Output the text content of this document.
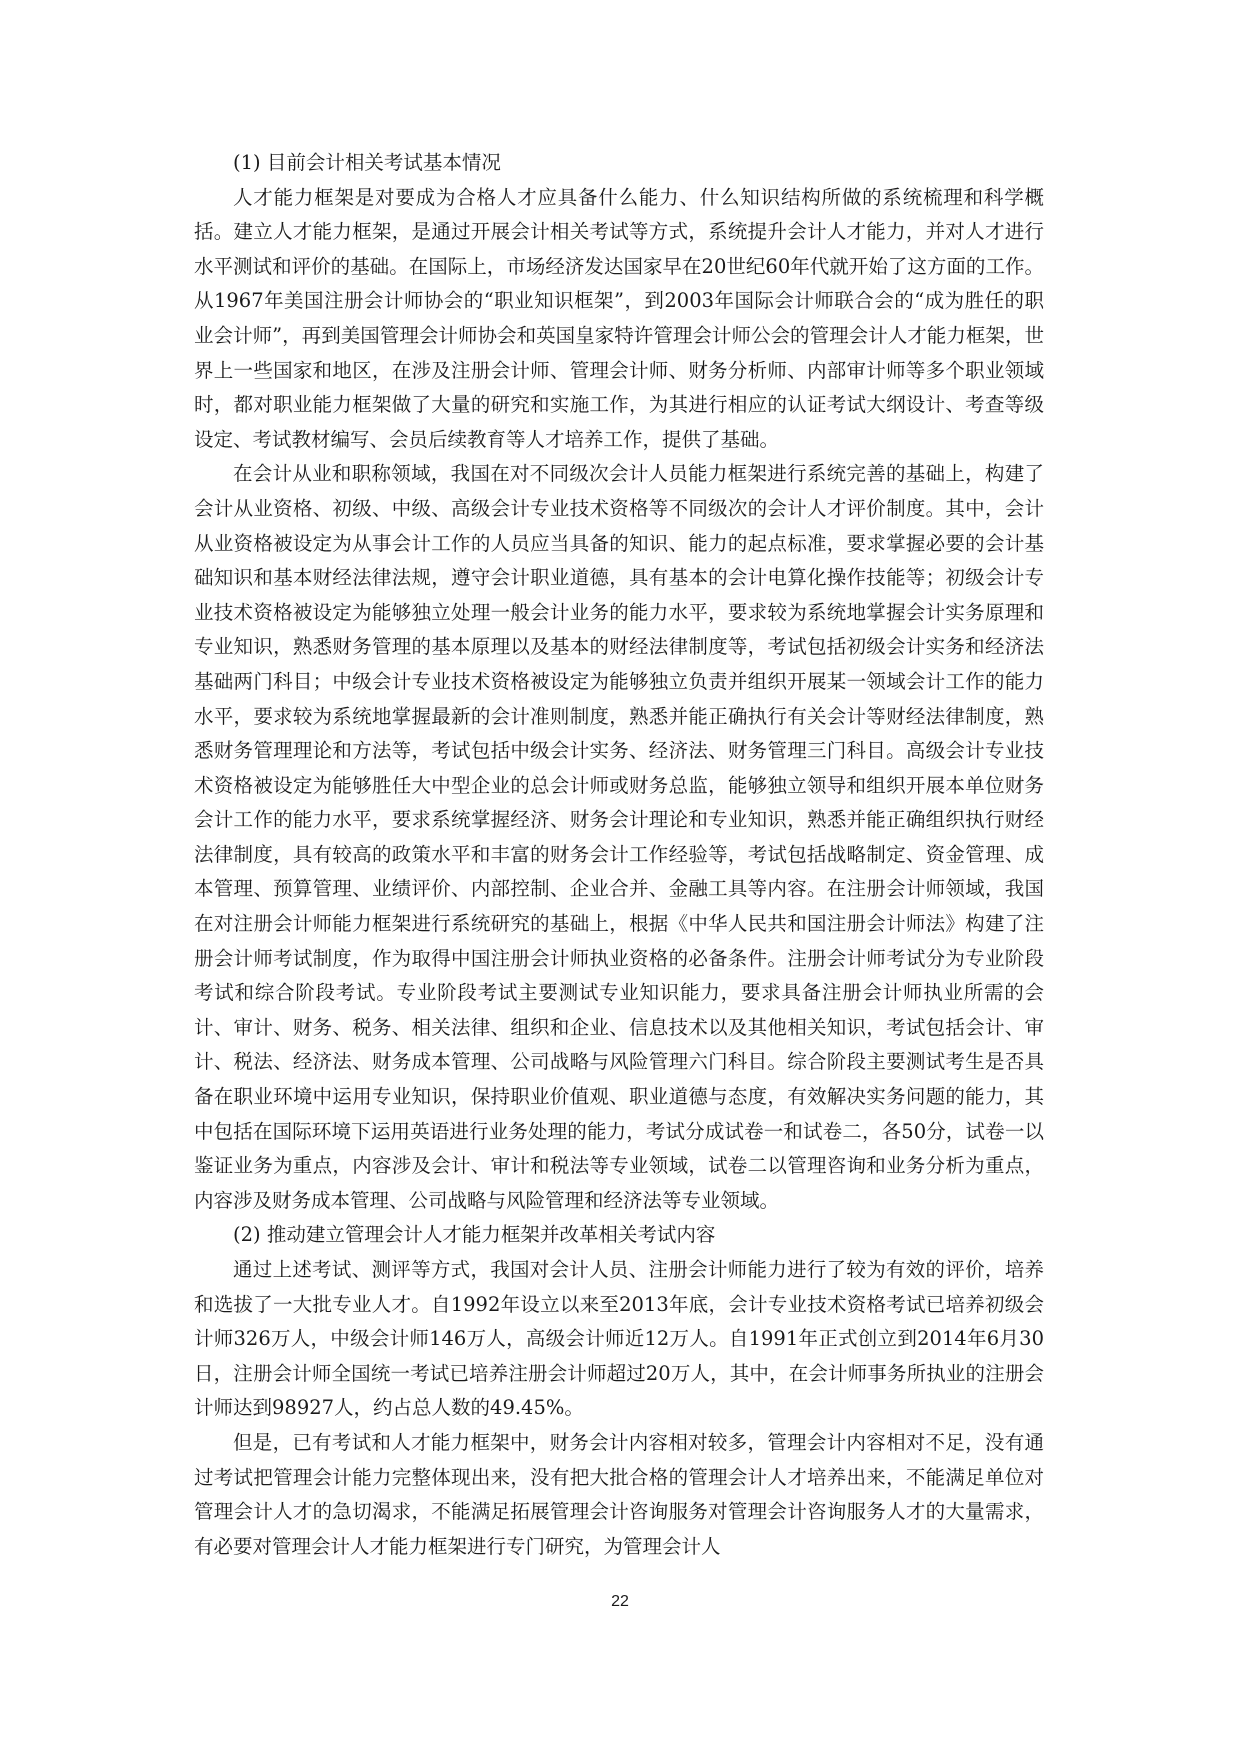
(1) 目前会计相关考试基本情况

人才能力框架是对要成为合格人才应具备什么能力、什么知识结构所做的系统梳理和科学概括。建立人才能力框架，是通过开展会计相关考试等方式，系统提升会计人才能力，并对人才进行水平测试和评价的基础。在国际上，市场经济发达国家早在20世纪60年代就开始了这方面的工作。从1967年美国注册会计师协会的“职业知识框架”，到2003年国际会计师联合会的“成为胜任的职业会计师”，再到美国管理会计师协会和英国皇家特许管理会计师公会的管理会计人才能力框架，世界上一些国家和地区，在涉及注册会计师、管理会计师、财务分析师、内部审计师等多个职业领域时，都对职业能力框架做了大量的研究和实施工作，为其进行相应的认证考试大纲设计、考查等级设定、考试教材编写、会员后续教育等人才培养工作，提供了基础。

在会计从业和职称领域，我国在对不同级次会计人员能力框架进行系统完善的基础上，构建了会计从业资格、初级、中级、高级会计专业技术资格等不同级次的会计人才评价制度。其中，会计从业资格被设定为从事会计工作的人员应当具备的知识、能力的起点标准，要求掌握必要的会计基础知识和基本财经法律法规，遵守会计职业道德，具有基本的会计电算化操作技能等；初级会计专业技术资格被设定为能够独立处理一般会计业务的能力水平，要求较为系统地掌握会计实务原理和专业知识，熟悉财务管理的基本原理以及基本的财经法律制度等，考试包括初级会计实务和经济法基础两门科目；中级会计专业技术资格被设定为能够独立负责并组织开展某一领域会计工作的能力水平，要求较为系统地掌握最新的会计准则制度，熟悉并能正确执行有关会计等财经法律制度，熟悉财务管理理论和方法等，考试包括中级会计实务、经济法、财务管理三门科目。高级会计专业技术资格被设定为能够胜任大中型企业的总会计师或财务总监，能够独立领导和组织开展本单位财务会计工作的能力水平，要求系统掌握经济、财务会计理论和专业知识，熟悉并能正确组织执行财经法律制度，具有较高的政策水平和丰富的财务会计工作经验等，考试包括战略制定、资金管理、成本管理、预算管理、业绩评价、内部控制、企业合并、金融工具等内容。在注册会计师领域，我国在对注册会计师能力框架进行系统研究的基础上，根据《中华人民共和国注册会计师法》构建了注册会计师考试制度，作为取得中国注册会计师执业资格的必备条件。注册会计师考试分为专业阶段考试和综合阶段考试。专业阶段考试主要测试专业知识能力，要求具备注册会计师执业所需的会计、审计、财务、税务、相关法律、组织和企业、信息技术以及其他相关知识，考试包括会计、审计、税法、经济法、财务成本管理、公司战略与风险管理六门科目。综合阶段主要测试考生是否具备在职业环境中运用专业知识，保持职业价值观、职业道德与态度，有效解决实务问题的能力，其中包括在国际环境下运用英语进行业务处理的能力，考试分成试卷一和试卷二，各50分，试卷一以鉴证业务为重点，内容涉及会计、审计和税法等专业领域，试卷二以管理咨询和业务分析为重点，内容涉及财务成本管理、公司战略与风险管理和经济法等专业领域。

(2) 推动建立管理会计人才能力框架并改革相关考试内容

通过上述考试、测评等方式，我国对会计人员、注册会计师能力进行了较为有效的评价，培养和选拔了一大批专业人才。自1992年设立以来至2013年底，会计专业技术资格考试已培养初级会计师326万人，中级会计师146万人，高级会计师近12万人。自1991年正式创立到2014年6月30日，注册会计师全国统一考试已培养注册会计师超过20万人，其中，在会计师事务所执业的注册会计师达到98927人，约占总人数的49.45%。

但是，已有考试和人才能力框架中，财务会计内容相对较多，管理会计内容相对不足，没有通过考试把管理会计能力完整体现出来，没有把大批合格的管理会计人才培养出来，不能满足单位对管理会计人才的急切渴求，不能满足拓展管理会计咨询服务对管理会计咨询服务人才的大量需求，有必要对管理会计人才能力框架进行专门研究，为管理会计人

22
